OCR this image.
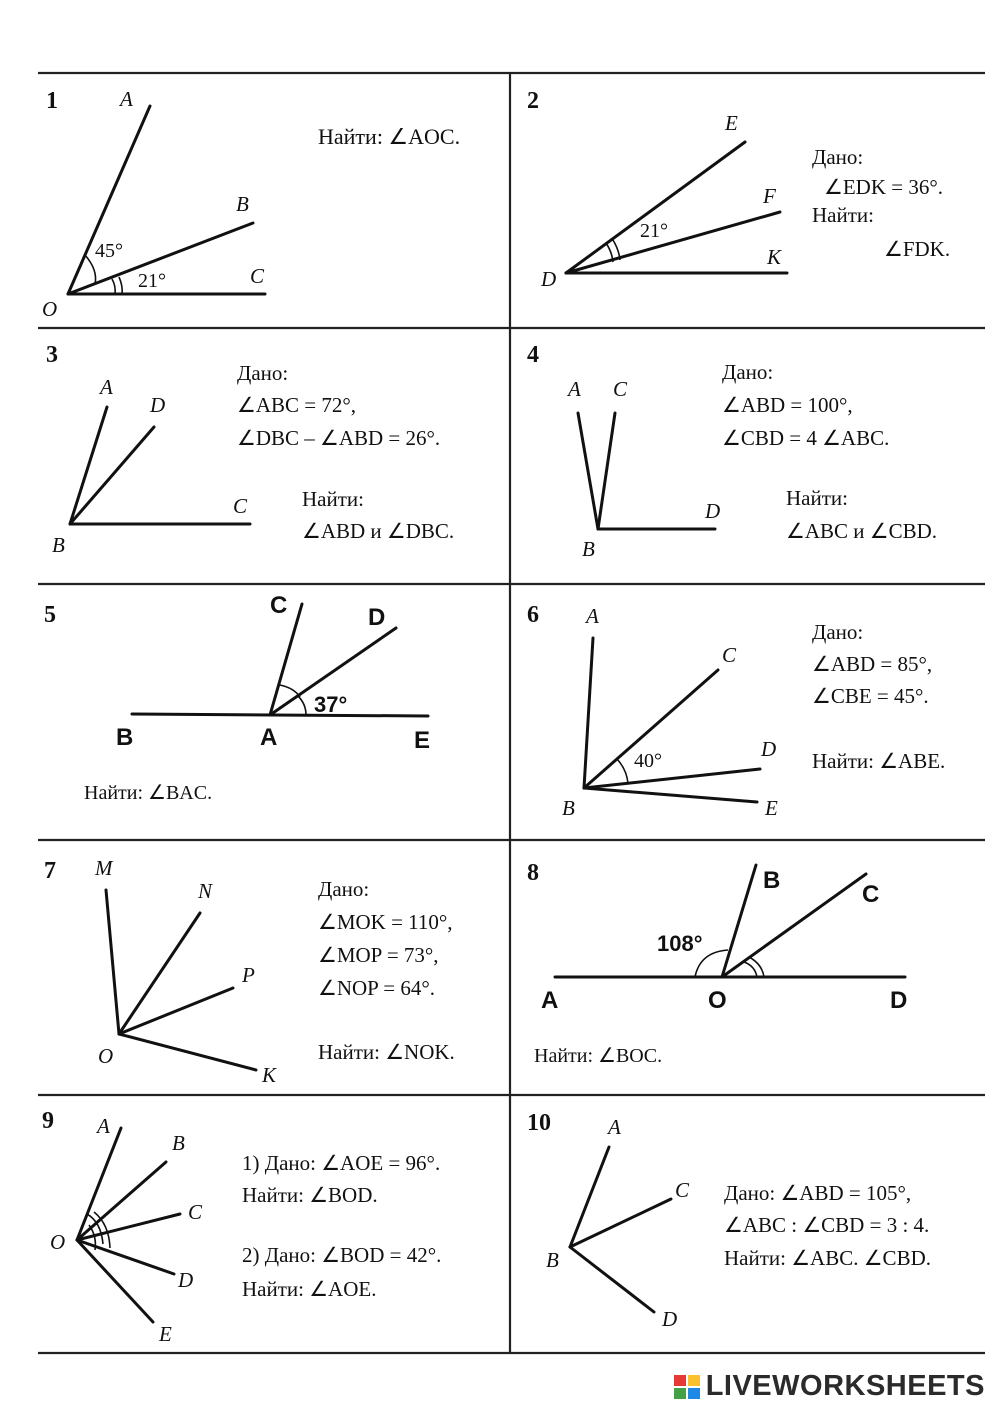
1	A
B
C
O
45°
21°
Найти: ∠AOC.
2
E
F
K
D
21°
Дано:
∠EDK = 36°.
Найти:
∠FDK.
3
A
D
C
B
Дано:
∠ABC = 72°,
∠DBC – ∠ABD = 26°.
Найти:
∠ABD и ∠DBC.
4
A C
D
B
Дано:
∠ABD = 100°,
∠CBD = 4 ∠ABC.
Найти:
∠ABC и ∠CBD.
5	C	D
B	A	E
37°
Найти: ∠BAC.
6 A
C
D
B	E
40°
Дано:
∠ABD = 85°,
∠CBE = 45°.
Найти: ∠ABE.
7 M
N
P
O
K
Дано:
∠MOK = 110°,
∠MOP = 73°,
∠NOP = 64°.
Найти: ∠NOK.
8	B
C
A	O	D
108°
Найти: ∠BOC.
9 A
B
C
O
D
E
1) Дано: ∠AOE = 96°.
Найти: ∠BOD.
2) Дано: ∠BOD = 42°.
Найти: ∠AOE.
10	A
C
B
D
Дано: ∠ABD = 105°,
∠ABC : ∠CBD = 3 : 4.
Найти: ∠ABC. ∠CBD.
LIVEWORKSHEETS
